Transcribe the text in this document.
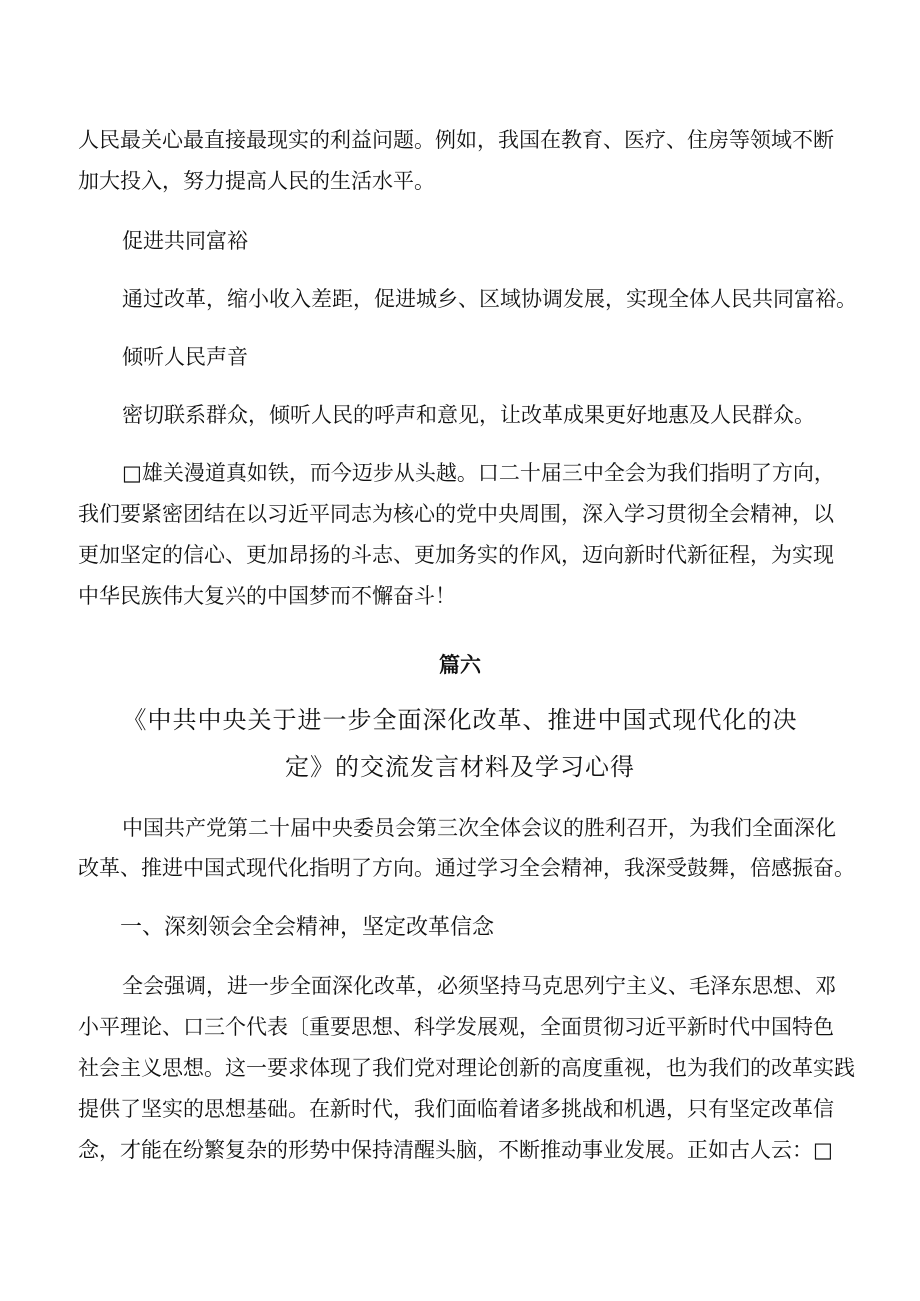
人民最关心最直接最现实的利益问题。例如，我国在教育、医疗、住房等领域不断
加大投入，努力提高人民的生活水平。
促进共同富裕
通过改革，缩小收入差距，促进城乡、区域协调发展，实现全体人民共同富裕。
倾听人民声音
密切联系群众，倾听人民的呼声和意见，让改革成果更好地惠及人民群众。
□雄关漫道真如铁，而今迈步从头越。口二十届三中全会为我们指明了方向，
我们要紧密团结在以习近平同志为核心的党中央周围，深入学习贯彻全会精神，以
更加坚定的信心、更加昂扬的斗志、更加务实的作风，迈向新时代新征程，为实现
中华民族伟大复兴的中国梦而不懈奋斗！
篇六
《中共中央关于进一步全面深化改革、推进中国式现代化的决
定》的交流发言材料及学习心得
中国共产党第二十届中央委员会第三次全体会议的胜利召开，为我们全面深化
改革、推进中国式现代化指明了方向。通过学习全会精神，我深受鼓舞，倍感振奋。
一、深刻领会全会精神，坚定改革信念
全会强调，进一步全面深化改革，必须坚持马克思列宁主义、毛泽东思想、邓
小平理论、口三个代表〔重要思想、科学发展观，全面贯彻习近平新时代中国特色
社会主义思想。这一要求体现了我们党对理论创新的高度重视，也为我们的改革实践
提供了坚实的思想基础。在新时代，我们面临着诸多挑战和机遇，只有坚定改革信
念，才能在纷繁复杂的形势中保持清醒头脑，不断推动事业发展。正如古人云：□
